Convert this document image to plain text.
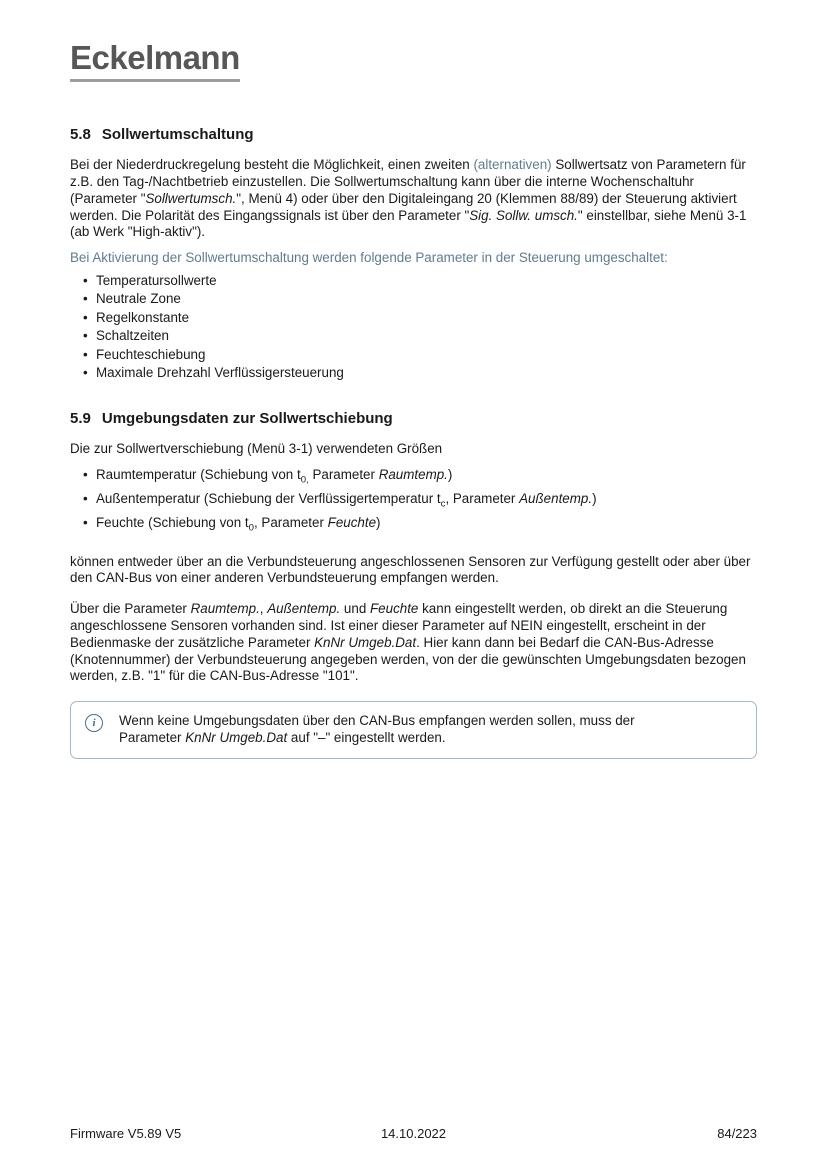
Eckelmann
5.8 Sollwertumschaltung

Bei der Niederdruckregelung besteht die Möglichkeit, einen zweiten (alternativen) Sollwertsatz von Parametern für z.B. den Tag-/Nachtbetrieb einzustellen. Die Sollwertumschaltung kann über die interne Wochenschaltuhr (Parameter "Sollwertumsch.", Menü 4) oder über den Digitaleingang 20 (Klemmen 88/89) der Steuerung aktiviert werden. Die Polarität des Eingangssignals ist über den Parameter "Sig. Sollw. umsch." einstellbar, siehe Menü 3-1 (ab Werk "High-aktiv").

Bei Aktivierung der Sollwertumschaltung werden folgende Parameter in der Steuerung umgeschaltet:

• Temperatursollwerte
• Neutrale Zone
• Regelkonstante
• Schaltzeiten
• Feuchteschiebung
• Maximale Drehzahl Verflüssigersteuerung
5.9 Umgebungsdaten zur Sollwertschiebung

Die zur Sollwertverschiebung (Menü 3-1) verwendeten Größen

• Raumtemperatur (Schiebung von $t_{0,}$ Parameter Raumtemp.)
• Außentemperatur (Schiebung der Verflüssigertemperatur $t_c$, Parameter Außentemp.)
• Feuchte (Schiebung von $t_0$, Parameter Feuchte)

können entweder über an die Verbundsteuerung angeschlossenen Sensoren zur Verfügung gestellt oder aber über den CAN-Bus von einer anderen Verbundsteuerung empfangen werden.

Über die Parameter Raumtemp., Außentemp. und Feuchte kann eingestellt werden, ob direkt an die Steuerung angeschlossene Sensoren vorhanden sind. Ist einer dieser Parameter auf NEIN eingestellt, erscheint in der Bedienmaske der zusätzliche Parameter KnNr Umgeb.Dat. Hier kann dann bei Bedarf die CAN-Bus-Adresse (Knotennummer) der Verbundsteuerung angegeben werden, von der die gewünschten Umgebungsdaten bezogen werden, z.B. "1" für die CAN-Bus-Adresse "101".

i	Wenn keine Umgebungsdaten über den CAN-Bus empfangen werden sollen, muss der Parameter KnNr Umgeb.Dat auf "–" eingestellt werden.

Firmware V5.89 V5	14.10.2022	84/223
